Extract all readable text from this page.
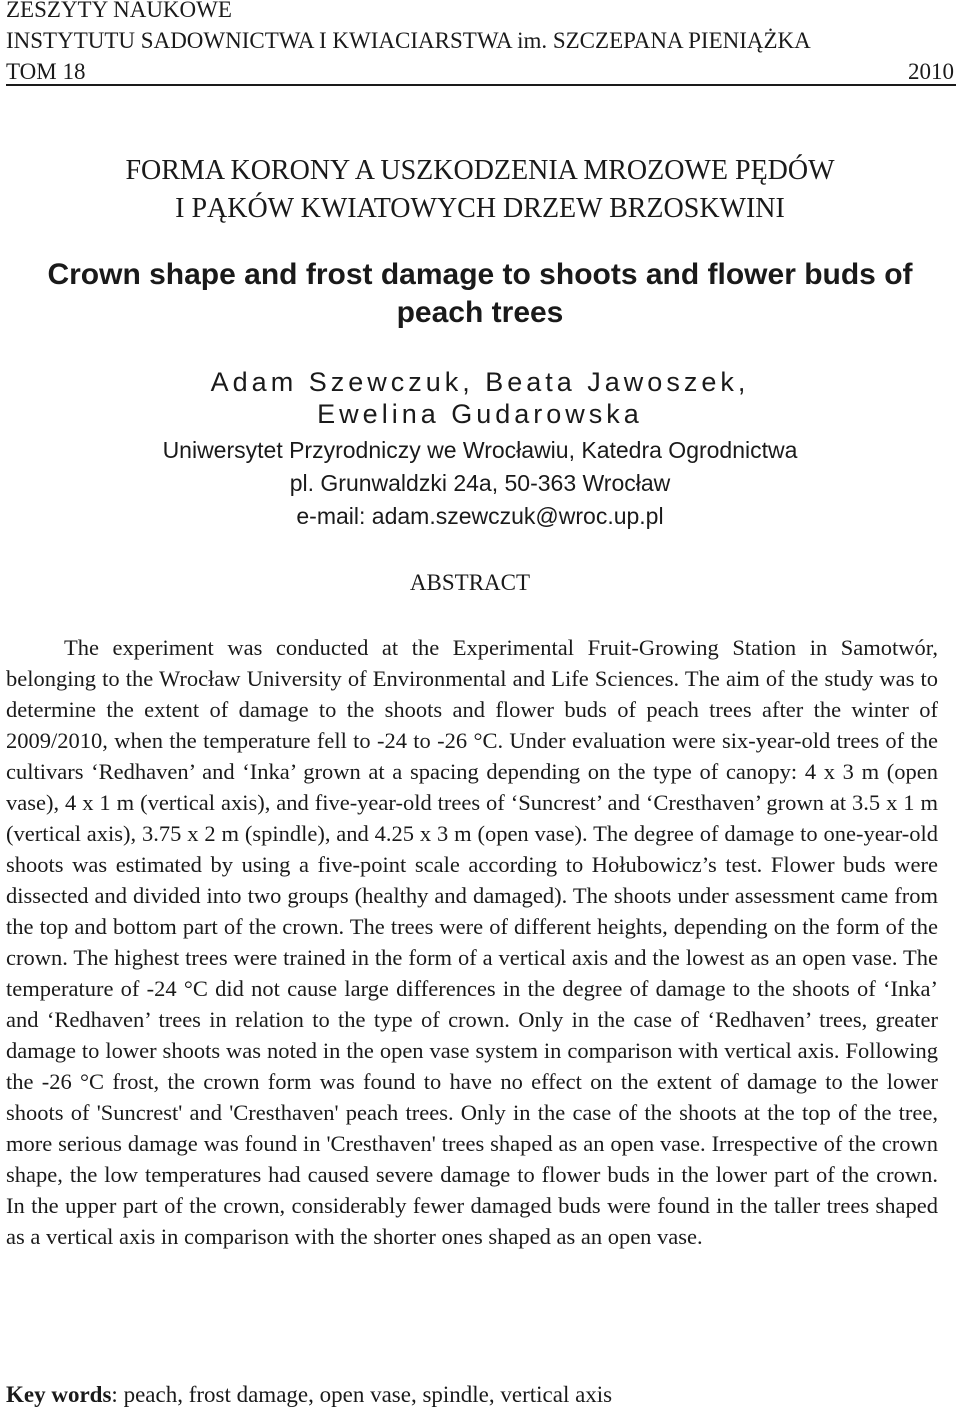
ZESZYTY NAUKOWE
INSTYTUTU SADOWNICTWA I KWIACIARSTWA im. SZCZEPANA PIENIĄŻKA
TOM 18	2010
FORMA KORONY A USZKODZENIA MROZOWE PĘDÓW
I PĄKÓW KWIATOWYCH DRZEW BRZOSKWINI
Crown shape and frost damage to shoots and flower buds of peach trees
Adam Szewczuk, Beata Jawoszek,
Ewelina Gudarowska
Uniwersytet Przyrodniczy we Wrocławiu, Katedra Ogrodnictwa
pl. Grunwaldzki 24a, 50-363 Wrocław
e-mail: adam.szewczuk@wroc.up.pl
ABSTRACT

The experiment was conducted at the Experimental Fruit-Growing Station in Samotwór, belonging to the Wrocław University of Environmental and Life Sciences. The aim of the study was to determine the extent of damage to the shoots and flower buds of peach trees after the winter of 2009/2010, when the temperature fell to -24 to -26 °C. Under evaluation were six-year-old trees of the cultivars ‘Redhaven’ and ‘Inka’ grown at a spacing depending on the type of canopy: 4 x 3 m (open vase), 4 x 1 m (vertical axis), and five-year-old trees of ‘Suncrest’ and ‘Cresthaven’ grown at 3.5 x 1 m (vertical axis), 3.75 x 2 m (spindle), and 4.25 x 3 m (open vase). The degree of damage to one-year-old shoots was estimated by using a five-point scale according to Hołubowicz’s test. Flower buds were dissected and divided into two groups (healthy and damaged). The shoots under assessment came from the top and bottom part of the crown. The trees were of different heights, depending on the form of the crown. The highest trees were trained in the form of a vertical axis and the lowest as an open vase. The temperature of -24 °C did not cause large differences in the degree of damage to the shoots of ‘Inka’ and ‘Redhaven’ trees in relation to the type of crown. Only in the case of ‘Redhaven’ trees, greater damage to lower shoots was noted in the open vase system in comparison with vertical axis. Following the -26 °C frost, the crown form was found to have no effect on the extent of damage to the lower shoots of 'Suncrest' and 'Cresthaven' peach trees. Only in the case of the shoots at the top of the tree, more serious damage was found in 'Cresthaven' trees shaped as an open vase. Irrespective of the crown shape, the low temperatures had caused severe damage to flower buds in the lower part of the crown. In the upper part of the crown, considerably fewer damaged buds were found in the taller trees shaped as a vertical axis in comparison with the shorter ones shaped as an open vase.

Key words: peach, frost damage, open vase, spindle, vertical axis
